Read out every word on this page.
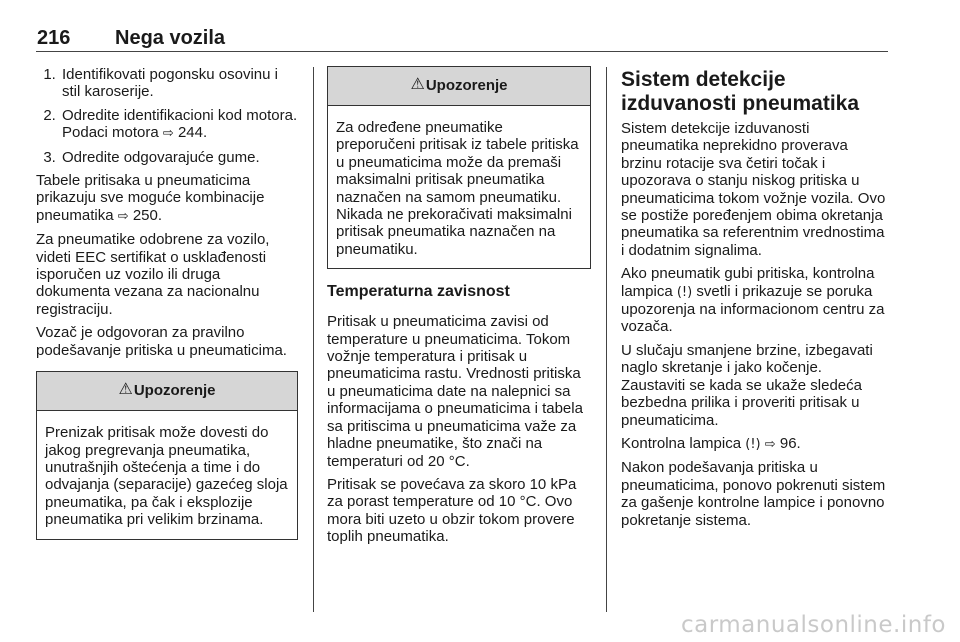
216 Nega vozila
1. Identifikovati pogonsku osovinu i stil karoserije.
2. Odredite identifikacioni kod motora. Podaci motora ⇨ 244.
3. Odredite odgovarajuće gume.

Tabele pritisaka u pneumaticima prikazuju sve moguće kombinacije pneumatika ⇨ 250.

Za pneumatike odobrene za vozilo, videti EEC sertifikat o usklađenosti isporučen uz vozilo ili druga dokumenta vezana za nacionalnu registraciju.

Vozač je odgovoran za pravilno podešavanje pritiska u pneumaticima.

⚠ Upozorenje
Prenizak pritisak može dovesti do jakog pregrevanja pneumatika, unutrašnjih oštećenja a time i do odvajanja (separacije) gazećeg sloja pneumatika, pa čak i eksplozije pneumatika pri velikim brzinama.
⚠ Upozorenje
Za određene pneumatike preporučeni pritisak iz tabele pritiska u pneumaticima može da premaši maksimalni pritisak pneumatika naznačen na samom pneumatiku. Nikada ne prekoračivati maksimalni pritisak pneumatika naznačen na pneumatiku.
Temperaturna zavisnost

Pritisak u pneumaticima zavisi od temperature u pneumaticima. Tokom vožnje temperatura i pritisak u pneumaticima rastu. Vrednosti pritiska u pneumaticima date na nalepnici sa informacijama o pneumaticima i tabela sa pritiscima u pneumaticima važe za hladne pneumatike, što znači na temperaturi od 20 °C.

Pritisak se povećava za skoro 10 kPa za porast temperature od 10 °C. Ovo mora biti uzeto u obzir tokom provere toplih pneumatika.

Sistem detekcije izduvanosti pneumatika

Sistem detekcije izduvanosti pneumatika neprekidno proverava brzinu rotacije sva četiri točak i upozorava o stanju niskog pritiska u pneumaticima tokom vožnje vozila. Ovo se postiže poređenjem obima okretanja pneumatika sa referentnim vrednostima i dodatnim signalima.

Ako pneumatik gubi pritiska, kontrolna lampica (!) svetli i prikazuje se poruka upozorenja na informacionom centru za vozača.

U slučaju smanjene brzine, izbegavati naglo skretanje i jako kočenje. Zaustaviti se kada se ukaže sledeća bezbedna prilika i proveriti pritisak u pneumaticima.

Kontrolna lampica (!) ⇨ 96.

Nakon podešavanja pritiska u pneumaticima, ponovo pokrenuti sistem za gašenje kontrolne lampice i ponovno pokretanje sistema.

carmanualsonline.info
